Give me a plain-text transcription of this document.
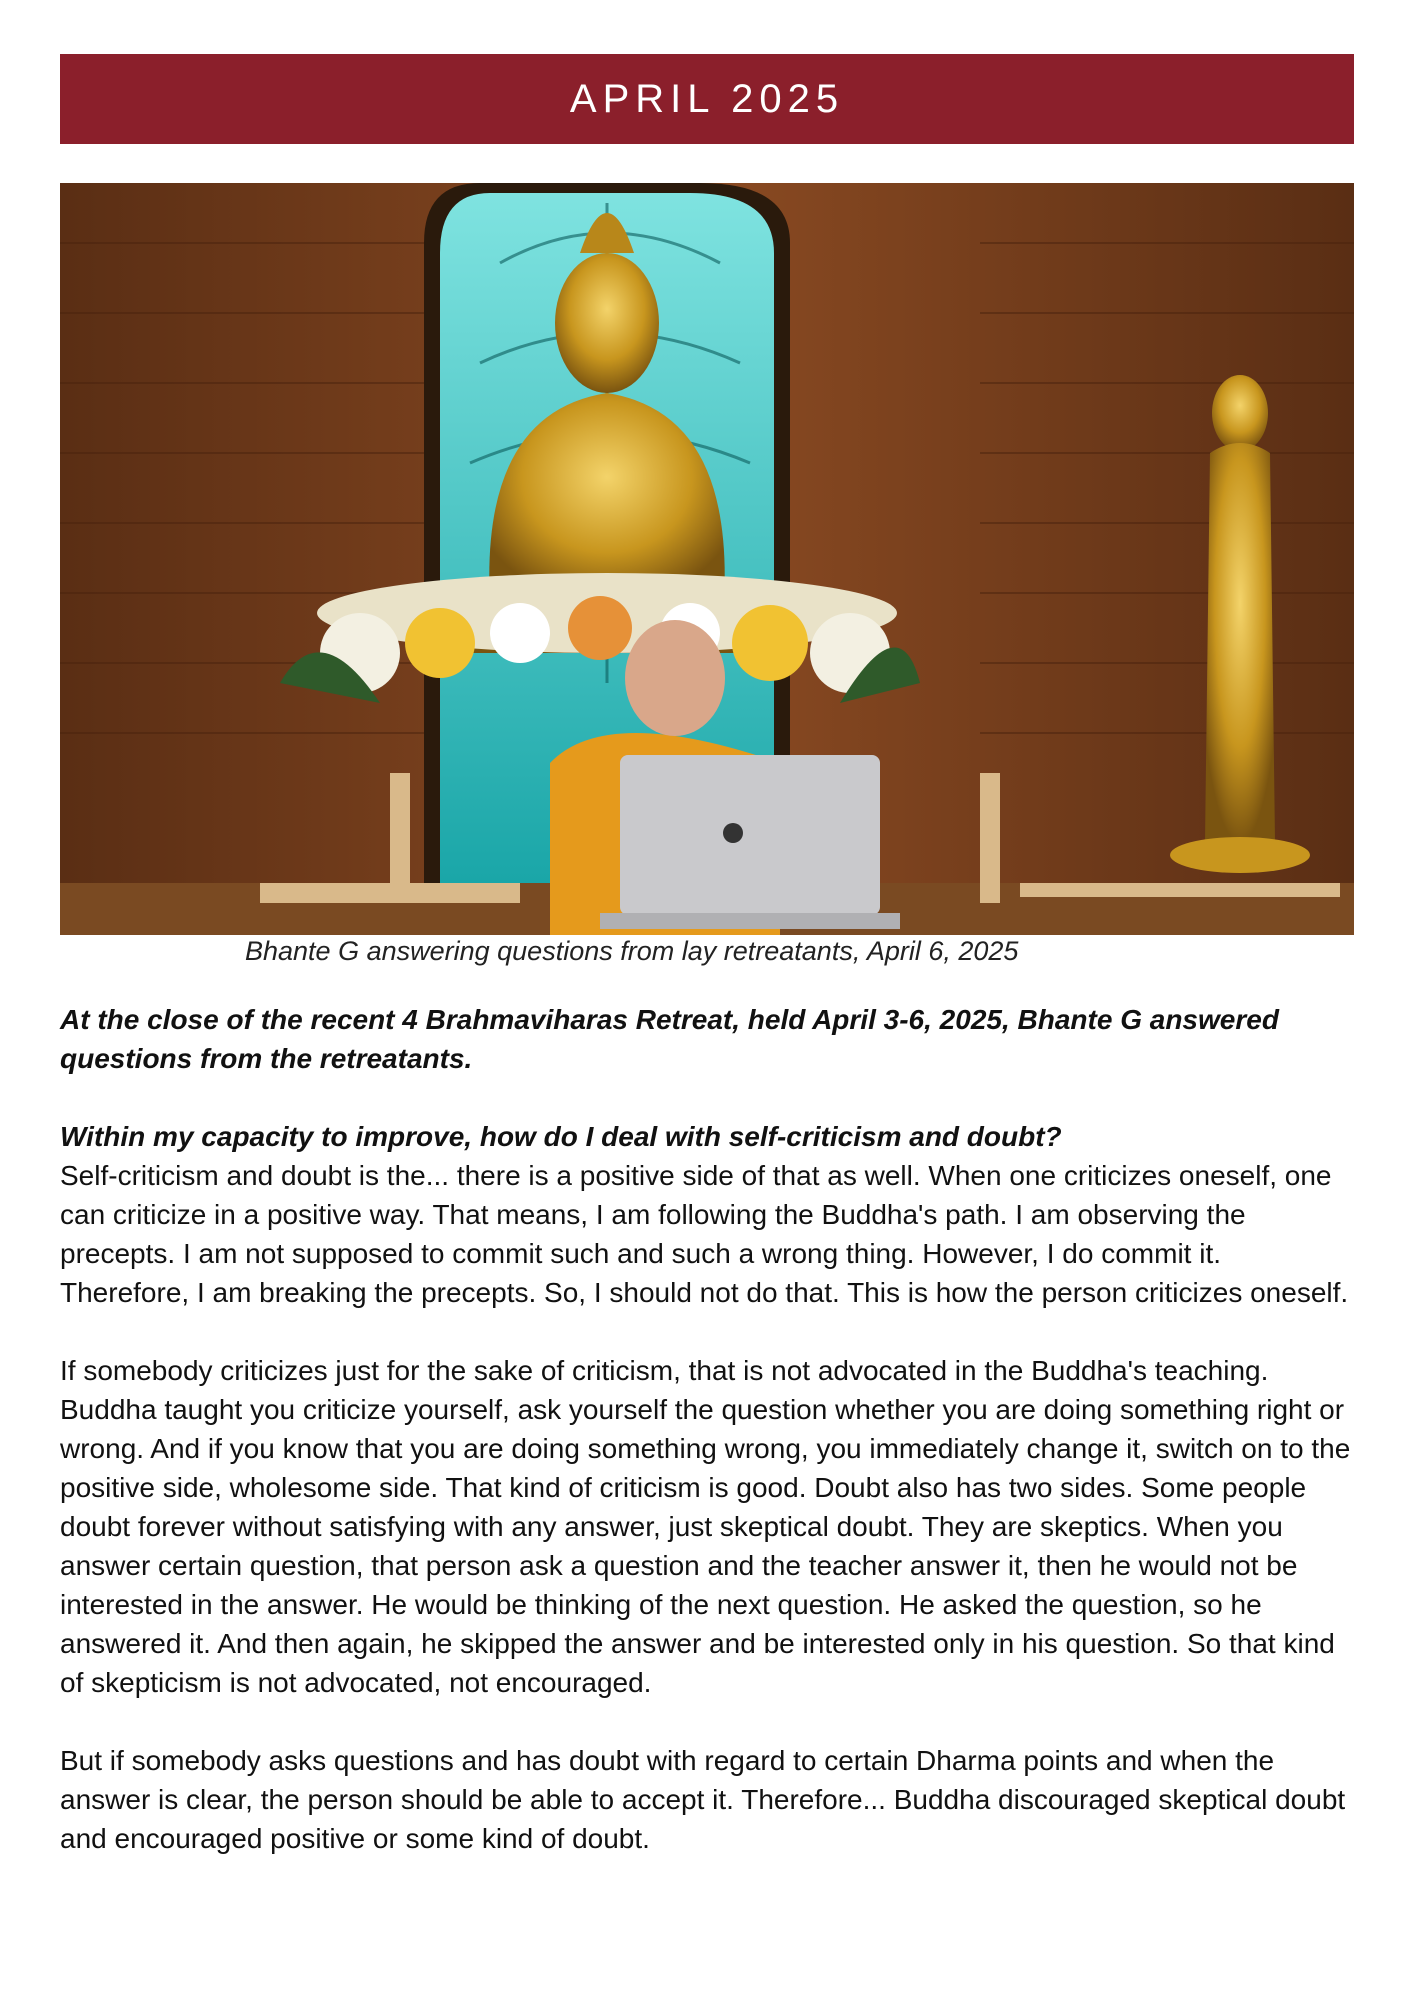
APRIL 2025
Bhante G answering questions from lay retreatants, April 6, 2025

At the close of the recent 4 Brahmaviharas Retreat, held April 3-6, 2025, Bhante G answered questions from the retreatants.

Within my capacity to improve, how do I deal with self-criticism and doubt?
Self-criticism and doubt is the... there is a positive side of that as well. When one criticizes oneself, one can criticize in a positive way. That means, I am following the Buddha's path. I am observing the precepts. I am not supposed to commit such and such a wrong thing. However, I do commit it. Therefore, I am breaking the precepts. So, I should not do that. This is how the person criticizes oneself.

If somebody criticizes just for the sake of criticism, that is not advocated in the Buddha's teaching. Buddha taught you criticize yourself, ask yourself the question whether you are doing something right or wrong. And if you know that you are doing something wrong, you immediately change it, switch on to the positive side, wholesome side. That kind of criticism is good. Doubt also has two sides. Some people doubt forever without satisfying with any answer, just skeptical doubt. They are skeptics. When you answer certain question, that person ask a question and the teacher answer it, then he would not be interested in the answer. He would be thinking of the next question. He asked the question, so he answered it. And then again, he skipped the answer and be interested only in his question. So that kind of skepticism is not advocated, not encouraged.

But if somebody asks questions and has doubt with regard to certain Dharma points and when the answer is clear, the person should be able to accept it. Therefore... Buddha discouraged skeptical doubt and encouraged positive or some kind of doubt.
